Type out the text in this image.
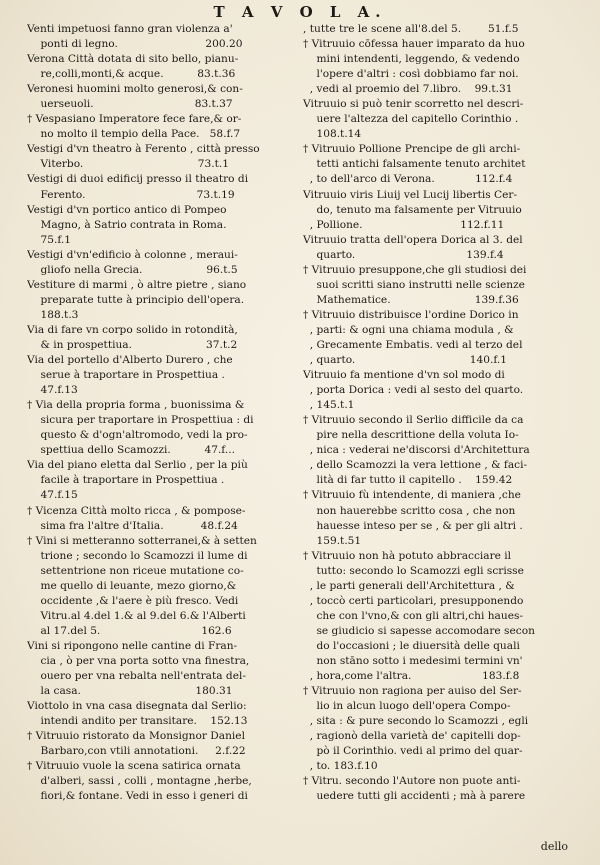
T A V O L A.
Venti impetuosi fanno gran violenza a'
ponti di legno.                          200.20
Verona Città dotata di sito bello, pianu-
re,colli,monti,& acque.          83.t.36
Veronesi huomini molto generosi,& con-
uerseuoli.                              83.t.37
† Vespasiano Imperatore fece fare,& or-
no molto il tempio della Pace.   58.f.7
Vestigi d'vn theatro à Ferento , città presso
Viterbo.                                  73.t.1
Vestigi di duoi edificij presso il theatro di
Ferento.                                 73.t.19
Vestigi d'vn portico antico di Pompeo
Magno, à Satrio contrata in Roma.
75.f.1
Vestigi d'vn'edificio à colonne , meraui-
gliofo nella Grecia.                   96.t.5
Vestiture di marmi , ò altre pietre , siano
preparate tutte à principio dell'opera.
188.t.3
Via di fare vn corpo solido in rotondità,
& in prospettiua.                      37.t.2
Via del portello d'Alberto Durero , che
serue à traportare in Prospettiua .
47.f.13
† Via della propria forma , buonissima &
sicura per traportare in Prospettiua : di
questo & d'ogn'altromodo, vedi la pro-
spettiua dello Scamozzi.          47.f...
Via del piano eletta dal Serlio , per la più
facile à traportare in Prospettiua .
47.f.15
† Vicenza Città molto ricca , & pompose-
sima fra l'altre d'Italia.           48.f.24
† Vini si metteranno sotterranei,& à setten
trione ; secondo lo Scamozzi il lume di
settentrione non riceue mutatione co-
me quello di leuante, mezo giorno,&
occidente ,& l'aere è più fresco. Vedi
Vitru.al 4.del 1.& al 9.del 6.& l'Alberti
al 17.del 5.                              162.6
Vini si ripongono nelle cantine di Fran-
cia , ò per vna porta sotto vna finestra,
ouero per vna rebalta nell'entrata del-
la casa.                                  180.31
Viottolo in vna casa disegnata dal Serlio:
intendi andito per transitare.    152.13
† Vitruuio ristorato da Monsignor Daniel
Barbaro,con vtili annotationi.     2.f.22
† Vitruuio vuole la scena satirica ornata
d'alberi, sassi , colli , montagne ,herbe,
fiori,& fontane. Vedi in esso i generi di
, tutte tre le scene all'8.del 5.        51.f.5
† Vitruuio cōfessa hauer imparato da huo
mini intendenti, leggendo, & vedendo
l'opere d'altri : così dobbiamo far noi.
, vedi al proemio del 7.libro.    99.t.31
Vitruuio si può tenir scorretto nel descri-
uere l'altezza del capitello Corinthio .
108.t.14
† Vitruuio Pollione Prencipe de gli archi-
tetti antichi falsamente tenuto architet
, to dell'arco di Verona.            112.f.4
Vitruuio viris Liuij vel Lucij libertis Cer-
do, tenuto ma falsamente per Vitruuio
, Pollione.                             112.f.11
Vitruuio tratta dell'opera Dorica al 3. del
quarto.                                 139.f.4
† Vitruuio presuppone,che gli studiosi dei
suoi scritti siano instrutti nelle scienze
Mathematice.                         139.f.36
† Vitruuio distribuisce l'ordine Dorico in
, parti: & ogni una chiama modula , &
, Grecamente Embatis. vedi al terzo del
, quarto.                                  140.f.1
Vitruuio fa mentione d'vn sol modo di
, porta Dorica : vedi al sesto del quarto.
, 145.t.1
† Vitruuio secondo il Serlio difficile da ca
pire nella descrittione della voluta Io-
, nica : vederai ne'discorsi d'Architettura
, dello Scamozzi la vera lettione , & faci-
lità di far tutto il capitello .    159.42
† Vitruuio fù intendente, di maniera ,che
non hauerebbe scritto cosa , che non
hauesse inteso per se , & per gli altri .
159.t.51
† Vitruuio non hà potuto abbracciare il
tutto: secondo lo Scamozzi egli scrisse
, le parti generali dell'Architettura , &
, toccò certi particolari, presupponendo
che con l'vno,& con gli altri,chi haues-
se giudicio si sapesse accomodare secon
do l'occasioni ; le diuersità delle quali
non stāno sotto i medesimi termini vn'
, hora,come l'altra.                     183.f.8
† Vitruuio non ragiona per auiso del Ser-
lio in alcun luogo dell'opera Compo-
, sita : & pure secondo lo Scamozzi , egli
, ragionò della varietà de' capitelli dop-
pò il Corinthio. vedi al primo del quar-
, to. 183.f.10
† Vitru. secondo l'Autore non puote anti-
uedere tutti gli accidenti ; mà à parere
dello
